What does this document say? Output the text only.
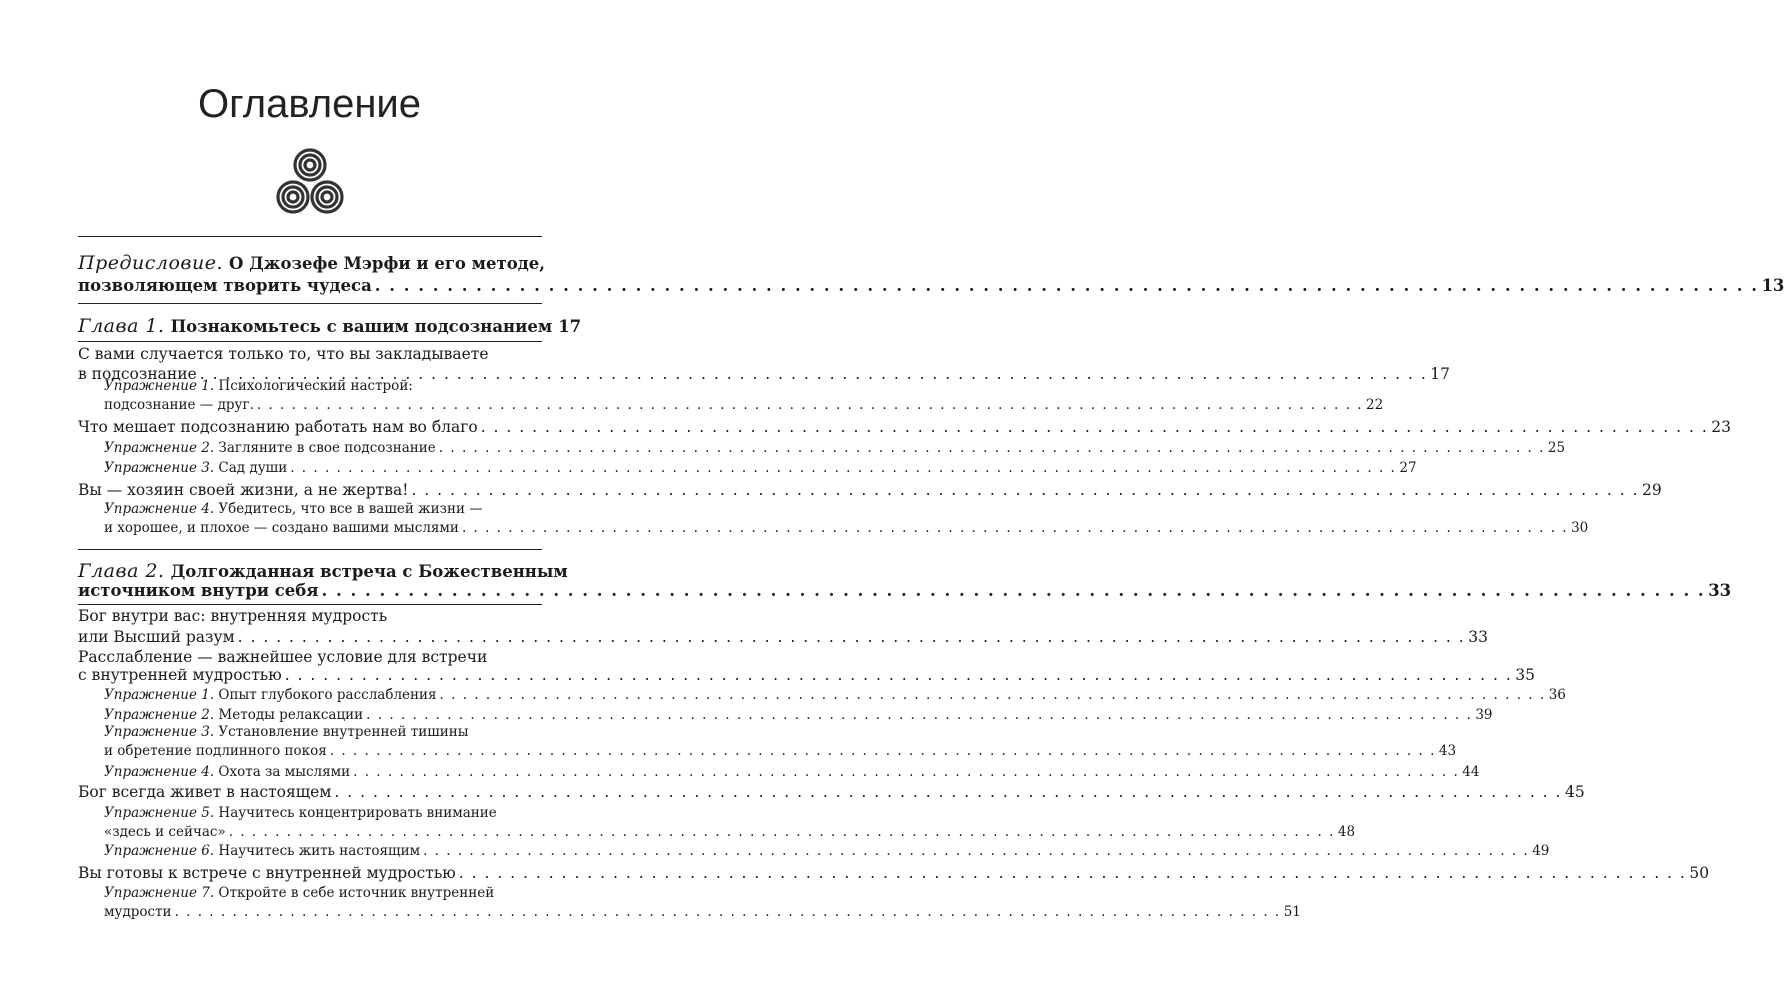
Оглавление
Предисловие. О Джозефе Мэрфи и его методе,
позволяющем творить чудеса . . .	13
Глава 1. Познакомьтесь с вашим подсознанием 17
С вами случается только то, что вы закладываете
в подсознание . . .	17
Упражнение 1. Психологический настрой:
подсознание — друг. . . .	22
Что мешает подсознанию работать нам во благо . . .	23
Упражнение 2. Загляните в свое подсознание . . .	25
Упражнение 3. Сад души . . .	27
Вы — хозяин своей жизни, а не жертва! . . .	29
Упражнение 4. Убедитесь, что все в вашей жизни —
и хорошее, и плохое — создано вашими мыслями . . .	30
Глава 2. Долгожданная встреча с Божественным
источником внутри себя . . .	33
Бог внутри вас: внутренняя мудрость
или Высший разум . . .	33
Расслабление — важнейшее условие для встречи
с внутренней мудростью . . .	35
Упражнение 1. Опыт глубокого расслабления . . .	36
Упражнение 2. Методы релаксации . . .	39
Упражнение 3. Установление внутренней тишины
и обретение подлинного покоя . . .	43
Упражнение 4. Охота за мыслями . . .	44
Бог всегда живет в настоящем . . .	45
Упражнение 5. Научитесь концентрировать внимание
«здесь и сейчас» . . .	48
Упражнение 6. Научитесь жить настоящим . . .	49
Вы готовы к встрече с внутренней мудростью . . .	50
Упражнение 7. Откройте в себе источник внутренней
мудрости . . .	51
